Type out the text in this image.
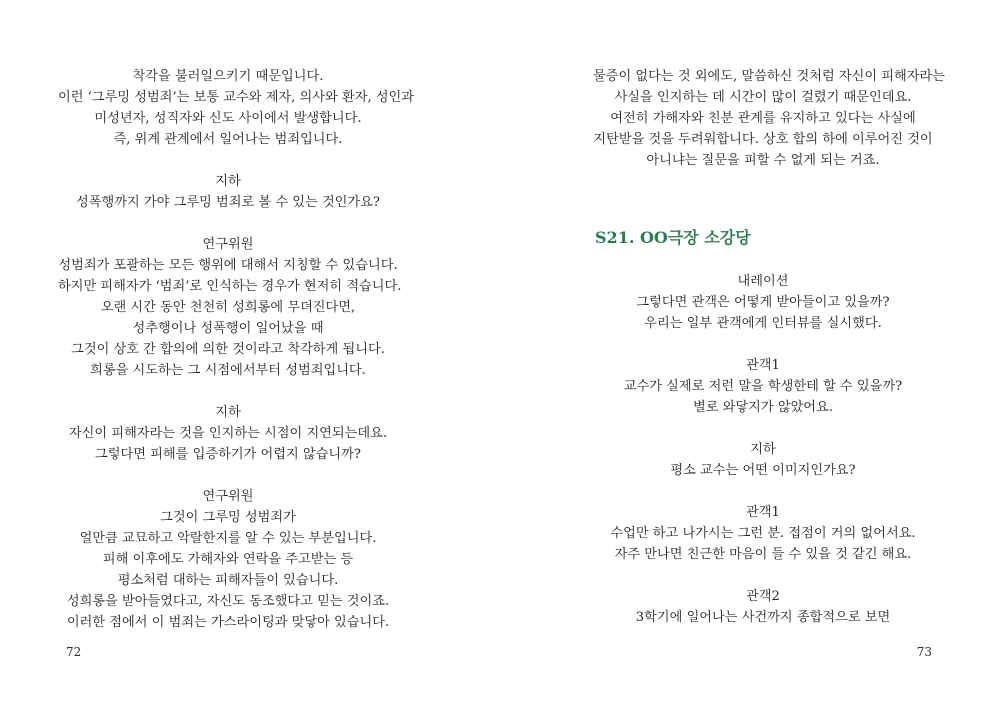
착각을 불러일으키기 때문입니다.
이런 ‘그루밍 성범죄’는 보통 교수와 제자, 의사와 환자, 성인과
미성년자, 성직자와 신도 사이에서 발생합니다.
즉, 위계 관계에서 일어나는 범죄입니다.
지하
성폭행까지 가야 그루밍 범죄로 볼 수 있는 것인가요?
연구위원
성범죄가 포괄하는 모든 행위에 대해서 지칭할 수 있습니다.
하지만 피해자가 ‘범죄’로 인식하는 경우가 현저히 적습니다.
오랜 시간 동안 천천히 성희롱에 무뎌진다면,
성추행이나 성폭행이 일어났을 때
그것이 상호 간 합의에 의한 것이라고 착각하게 됩니다.
희롱을 시도하는 그 시점에서부터 성범죄입니다.
지하
자신이 피해자라는 것을 인지하는 시점이 지연되는데요.
그렇다면 피해를 입증하기가 어렵지 않습니까?
연구위원
그것이 그루밍 성범죄가
얼만큼 교묘하고 악랄한지를 알 수 있는 부분입니다.
피해 이후에도 가해자와 연락을 주고받는 등
평소처럼 대하는 피해자들이 있습니다.
성희롱을 받아들였다고, 자신도 동조했다고 믿는 것이죠.
이러한 점에서 이 범죄는 가스라이팅과 맞닿아 있습니다.
72
물증이 없다는 것 외에도, 말씀하신 것처럼 자신이 피해자라는
사실을 인지하는 데 시간이 많이 걸렸기 때문인데요.
여전히 가해자와 친분 관계를 유지하고 있다는 사실에
지탄받을 것을 두려워합니다. 상호 합의 하에 이루어진 것이
아니냐는 질문을 피할 수 없게 되는 거죠.
S21. OO극장 소강당
내레이션
그렇다면 관객은 어떻게 받아들이고 있을까?
우리는 일부 관객에게 인터뷰를 실시했다.
관객1
교수가 실제로 저런 말을 학생한테 할 수 있을까?
별로 와닿지가 않았어요.
지하
평소 교수는 어떤 이미지인가요?
관객1
수업만 하고 나가시는 그런 분. 접점이 거의 없어서요.
자주 만나면 친근한 마음이 들 수 있을 것 같긴 해요.
관객2
3학기에 일어나는 사건까지 종합적으로 보면
73
